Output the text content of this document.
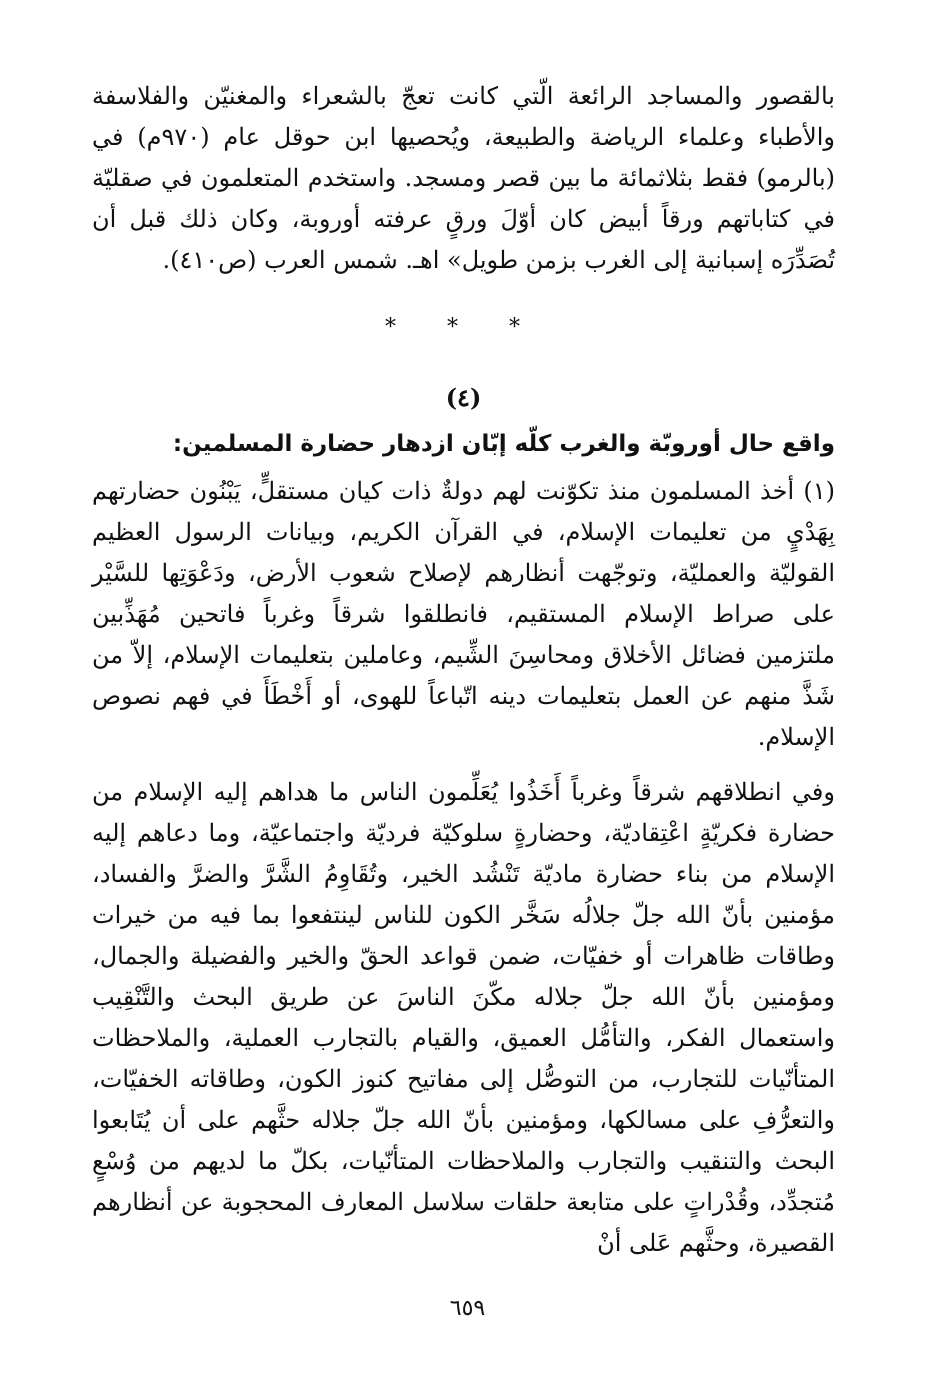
بالقصور والمساجد الرائعة الّتي كانت تعجّ بالشعراء والمغنيّن والفلاسفة والأطباء وعلماء الرياضة والطبيعة، ويُحصيها ابن حوقل عام (٩٧٠م) في (بالرمو) فقط بثلاثمائة ما بين قصر ومسجد. واستخدم المتعلمون في صقليّة في كتاباتهم ورقاً أبيض كان أوّلَ ورقٍ عرفته أوروبة، وكان ذلك قبل أن تُصَدِّرَه إسبانية إلى الغرب بزمن طويل» اهـ. شمس العرب (ص٤١٠).

* * *
(٤)
واقع حال أوروبّة والغرب كلّه إبّان ازدهار حضارة المسلمين:

(١) أخذ المسلمون منذ تكوّنت لهم دولةٌ ذات كيان مستقلٍّ، يَبْنُون حضارتهم بِهَدْيٍ من تعليمات الإسلام، في القرآن الكريم، وبيانات الرسول العظيم القوليّة والعمليّة، وتوجّهت أنظارهم لإصلاح شعوب الأرض، ودَعْوَتِها للسَّيْر على صراط الإسلام المستقيم، فانطلقوا شرقاً وغرباً فاتحين مُهَذِّبين ملتزمين فضائل الأخلاق ومحاسِنَ الشِّيم، وعاملين بتعليمات الإسلام، إلاّ من شَذَّ منهم عن العمل بتعليمات دينه اتّباعاً للهوى، أو أَخْطَأَ في فهم نصوص الإسلام.

وفي انطلاقهم شرقاً وغرباً أَخَذُوا يُعَلِّمون الناس ما هداهم إليه الإسلام من حضارة فكريّةٍ اعْتِقاديّة، وحضارةٍ سلوكيّة فرديّة واجتماعيّة، وما دعاهم إليه الإسلام من بناء حضارة ماديّة تَنْشُد الخير، وتُقَاوِمُ الشَّرَّ والضرَّ والفساد، مؤمنين بأنّ الله جلّ جلالُه سَخَّر الكون للناس لينتفعوا بما فيه من خيرات وطاقات ظاهرات أو خفيّات، ضمن قواعد الحقّ والخير والفضيلة والجمال، ومؤمنين بأنّ الله جلّ جلاله مكّنَ الناسَ عن طريق البحث والتَّنْقِيب واستعمال الفكر، والتأمُّل العميق، والقيام بالتجارب العملية، والملاحظات المتأنّيات للتجارب، من التوصُّل إلى مفاتيح كنوز الكون، وطاقاته الخفيّات، والتعرُّفِ على مسالكها، ومؤمنين بأنّ الله جلّ جلاله حثَّهم على أن يُتَابعوا البحث والتنقيب والتجارب والملاحظات المتأنّيات، بكلّ ما لديهم من وُسْعٍ مُتجدِّد، وقُدْراتٍ على متابعة حلقات سلاسل المعارف المحجوبة عن أنظارهم القصيرة، وحثَّهم عَلى أنْ

٦٥٩
